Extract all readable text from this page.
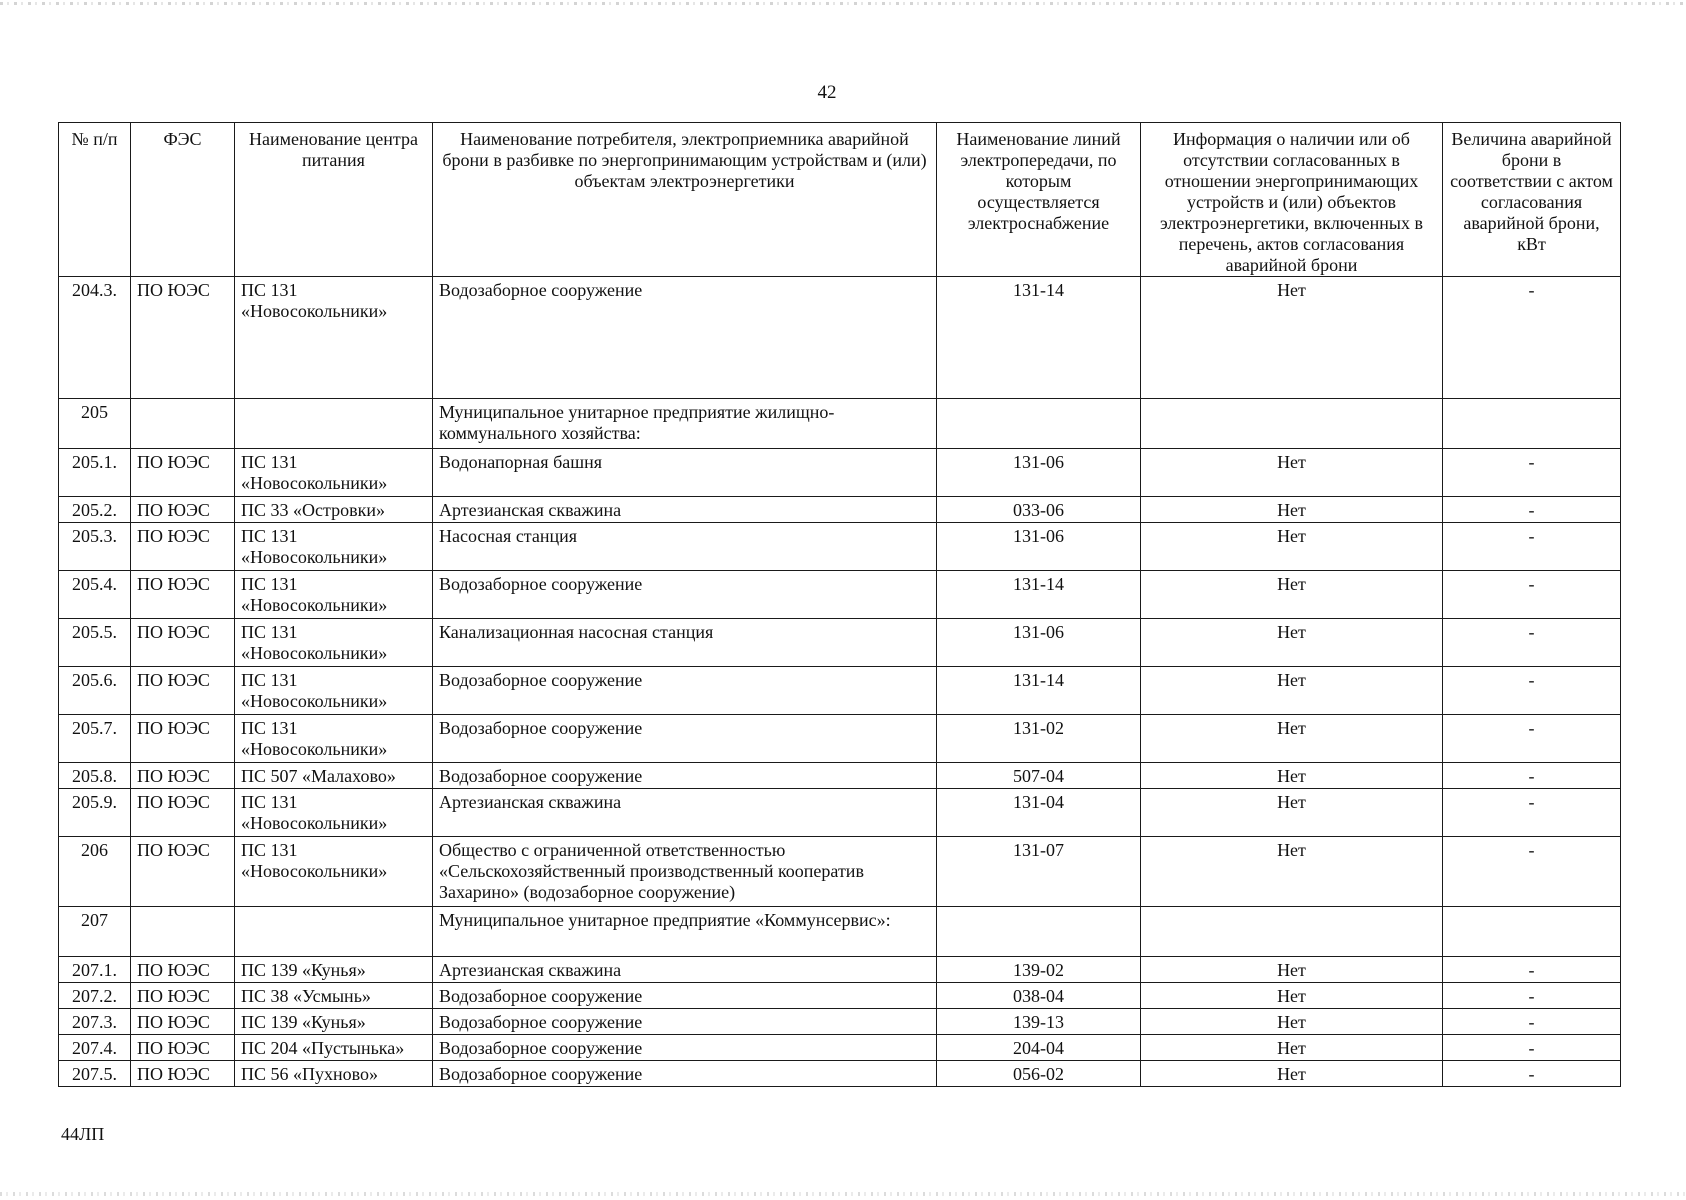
42
№ п/п	ФЭС	Наименование центра питания	Наименование потребителя, электроприемника аварийной брони в разбивке по энергопринимающим устройствам и (или) объектам электроэнергетики	Наименование линий электропередачи, по которым осуществляется электроснабжение	Информация о наличии или об отсутствии согласованных в отношении энергопринимающих устройств и (или) объектов электроэнергетики, включенных в перечень, актов согласования аварийной брони	Величина аварийной брони в соответствии с актом согласования аварийной брони, кВт
204.3.	ПО ЮЭС	ПС 131 «Новосокольники»	Водозаборное сооружение	131-14	Нет	-
205			Муниципальное унитарное предприятие жилищно-коммунального хозяйства:			
205.1.	ПО ЮЭС	ПС 131 «Новосокольники»	Водонапорная башня	131-06	Нет	-
205.2.	ПО ЮЭС	ПС 33 «Островки»	Артезианская скважина	033-06	Нет	-
205.3.	ПО ЮЭС	ПС 131 «Новосокольники»	Насосная станция	131-06	Нет	-
205.4.	ПО ЮЭС	ПС 131 «Новосокольники»	Водозаборное сооружение	131-14	Нет	-
205.5.	ПО ЮЭС	ПС 131 «Новосокольники»	Канализационная насосная станция	131-06	Нет	-
205.6.	ПО ЮЭС	ПС 131 «Новосокольники»	Водозаборное сооружение	131-14	Нет	-
205.7.	ПО ЮЭС	ПС 131 «Новосокольники»	Водозаборное сооружение	131-02	Нет	-
205.8.	ПО ЮЭС	ПС 507 «Малахово»	Водозаборное сооружение	507-04	Нет	-
205.9.	ПО ЮЭС	ПС 131 «Новосокольники»	Артезианская скважина	131-04	Нет	-
206	ПО ЮЭС	ПС 131 «Новосокольники»	Общество с ограниченной ответственностью «Сельскохозяйственный производственный кооператив Захарино» (водозаборное сооружение)	131-07	Нет	-
207			Муниципальное унитарное предприятие «Коммунсервис»:			
207.1.	ПО ЮЭС	ПС 139 «Кунья»	Артезианская скважина	139-02	Нет	-
207.2.	ПО ЮЭС	ПС 38 «Усмынь»	Водозаборное сооружение	038-04	Нет	-
207.3.	ПО ЮЭС	ПС 139 «Кунья»	Водозаборное сооружение	139-13	Нет	-
207.4.	ПО ЮЭС	ПС 204 «Пустынька»	Водозаборное сооружение	204-04	Нет	-
207.5.	ПО ЮЭС	ПС 56 «Пухново»	Водозаборное сооружение	056-02	Нет	-
44ЛП
